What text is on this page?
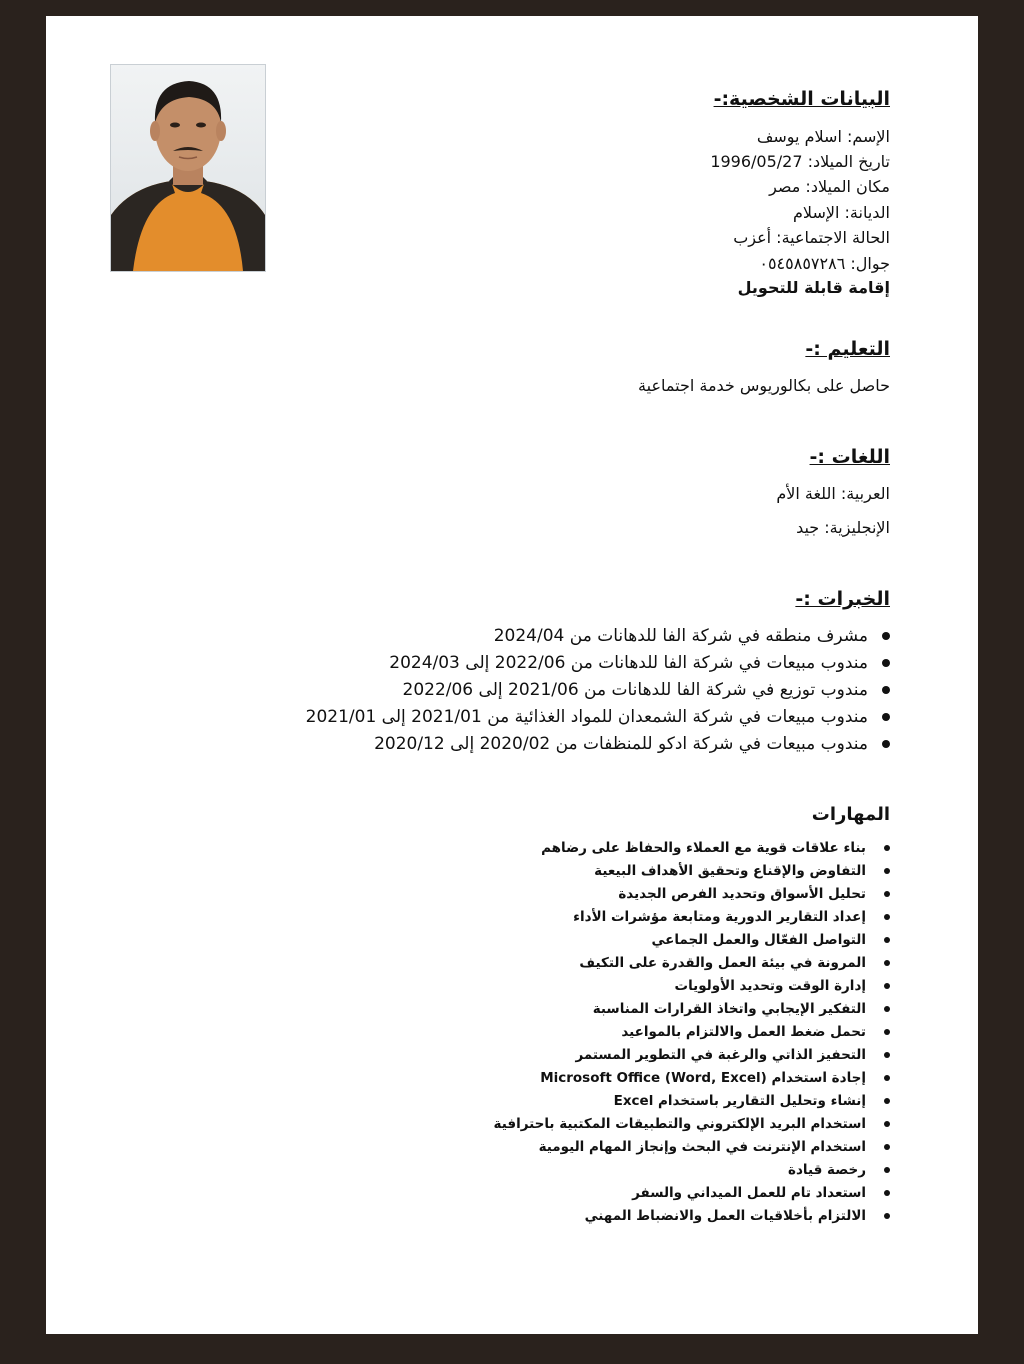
البيانات الشخصية:-
الإسم: اسلام يوسف
تاريخ الميلاد: 1996/05/27
مكان الميلاد: مصر
الديانة: الإسلام
الحالة الاجتماعية: أعزب
جوال: ٠٥٤٥٨٥٧٢٨٦
إقامة قابلة للتحويل
التعليم :-
حاصل على بكالوريوس خدمة اجتماعية
اللغات :-
العربية: اللغة الأم
الإنجليزية: جيد
الخبرات :-
مشرف منطقه في شركة الفا للدهانات من 2024/04
مندوب مبيعات في شركة الفا للدهانات من 2022/06 إلى 2024/03
مندوب توزيع في شركة الفا للدهانات من 2021/06 إلى 2022/06
مندوب مبيعات في شركة الشمعدان للمواد الغذائية من 2021/01 إلى 2021/01
مندوب مبيعات في شركة ادكو للمنظفات من 2020/02 إلى 2020/12
المهارات
بناء علاقات قوية مع العملاء والحفاظ على رضاهم
التفاوض والإقناع وتحقيق الأهداف البيعية
تحليل الأسواق وتحديد الفرص الجديدة
إعداد التقارير الدورية ومتابعة مؤشرات الأداء
التواصل الفعّال والعمل الجماعي
المرونة في بيئة العمل والقدرة على التكيف
إدارة الوقت وتحديد الأولويات
التفكير الإيجابي واتخاذ القرارات المناسبة
تحمل ضغط العمل والالتزام بالمواعيد
التحفيز الذاتي والرغبة في التطوير المستمر
إجادة استخدام Microsoft Office (Word, Excel)
إنشاء وتحليل التقارير باستخدام Excel
استخدام البريد الإلكتروني والتطبيقات المكتبية باحترافية
استخدام الإنترنت في البحث وإنجاز المهام اليومية
رخصة قيادة
استعداد تام للعمل الميداني والسفر
الالتزام بأخلاقيات العمل والانضباط المهني
